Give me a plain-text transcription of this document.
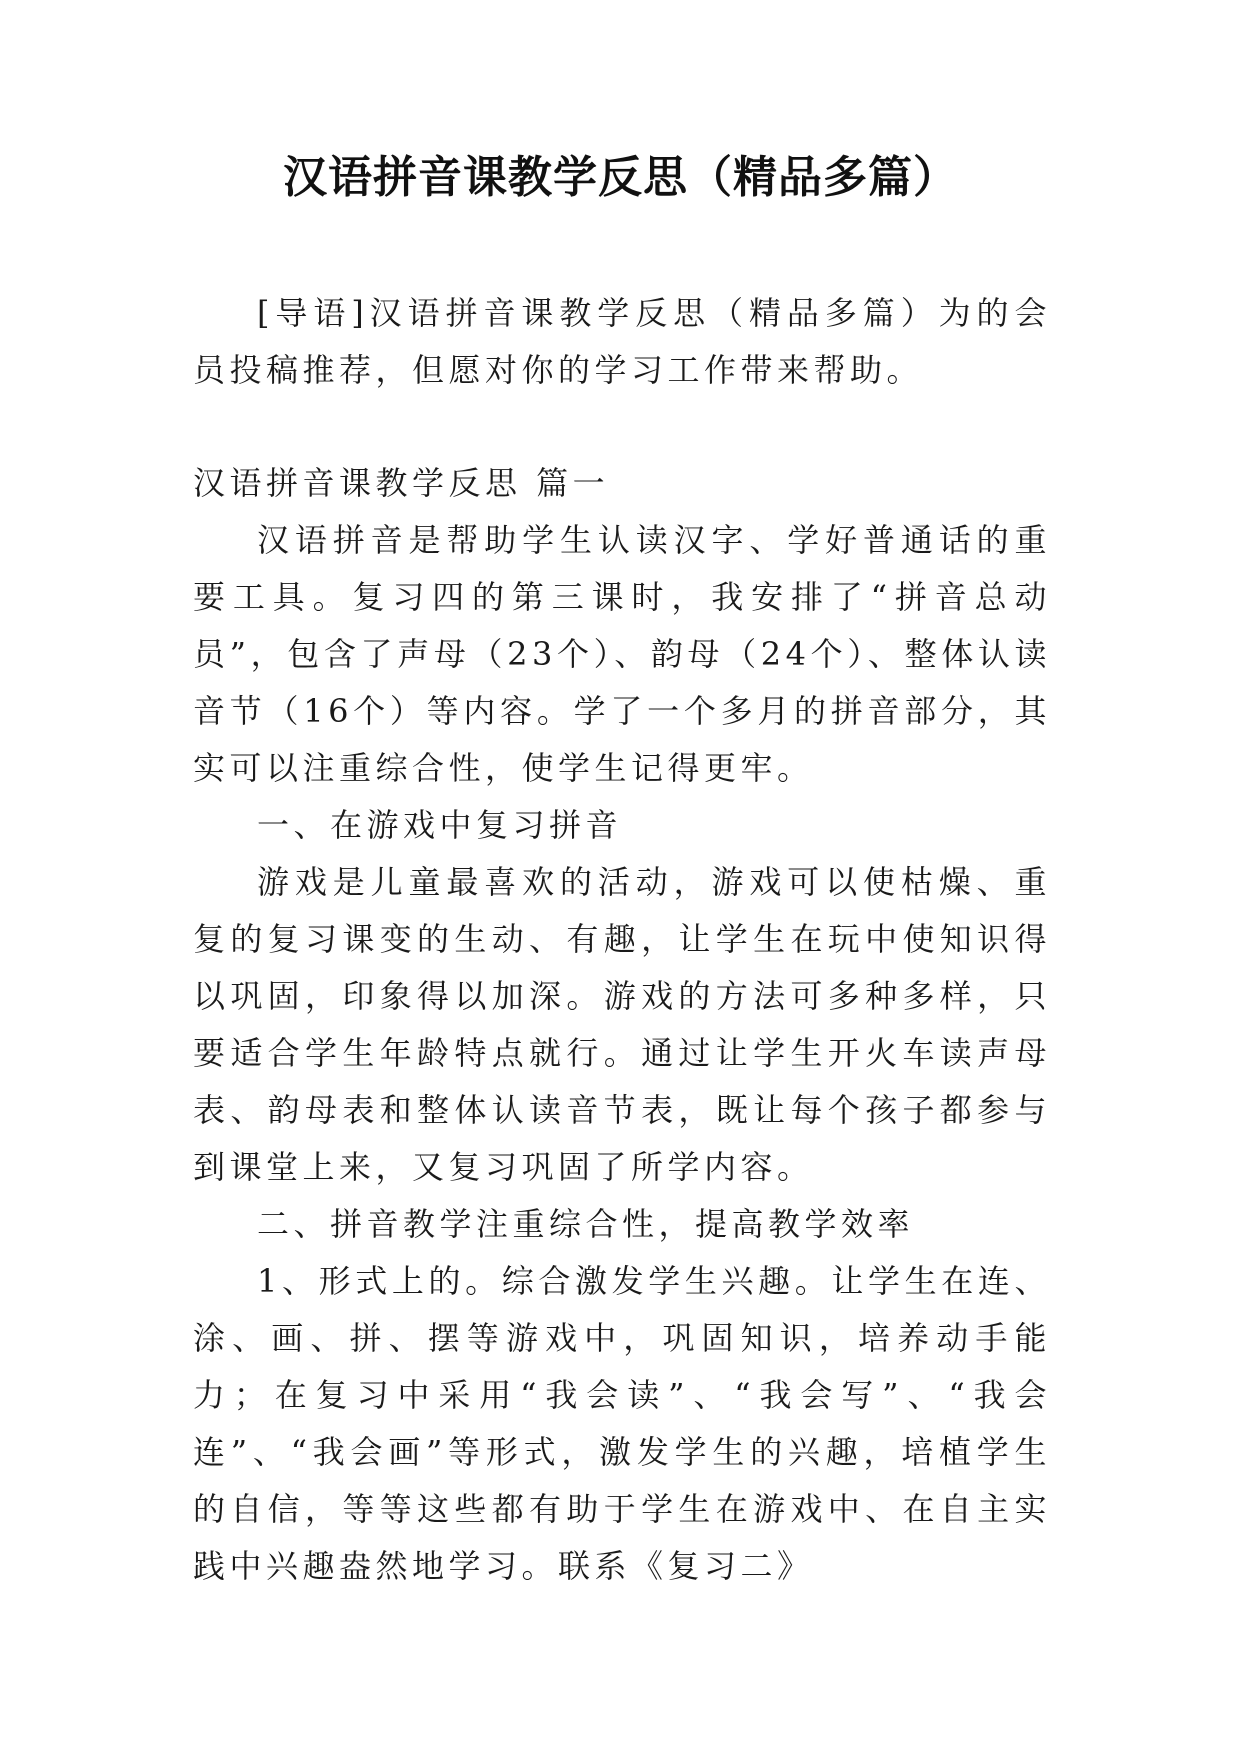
汉语拼音课教学反思（精品多篇）

[导语]汉语拼音课教学反思（精品多篇）为的会员投稿推荐，但愿对你的学习工作带来帮助。

汉语拼音课教学反思 篇一

汉语拼音是帮助学生认读汉字、学好普通话的重要工具。复习四的第三课时，我安排了“拼音总动员”，包含了声母（23个）、韵母（24个）、整体认读音节（16个）等内容。学了一个多月的拼音部分，其实可以注重综合性，使学生记得更牢。

一、在游戏中复习拼音

游戏是儿童最喜欢的活动，游戏可以使枯燥、重复的复习课变的生动、有趣，让学生在玩中使知识得以巩固，印象得以加深。游戏的方法可多种多样，只要适合学生年龄特点就行。通过让学生开火车读声母表、韵母表和整体认读音节表，既让每个孩子都参与到课堂上来，又复习巩固了所学内容。

二、拼音教学注重综合性，提高教学效率

1、形式上的。综合激发学生兴趣。让学生在连、涂、画、拼、摆等游戏中，巩固知识，培养动手能力；在复习中采用“我会读”、“我会写”、“我会连”、“我会画”等形式，激发学生的兴趣，培植学生的自信，等等这些都有助于学生在游戏中、在自主实践中兴趣盎然地学习。联系《复习二》
